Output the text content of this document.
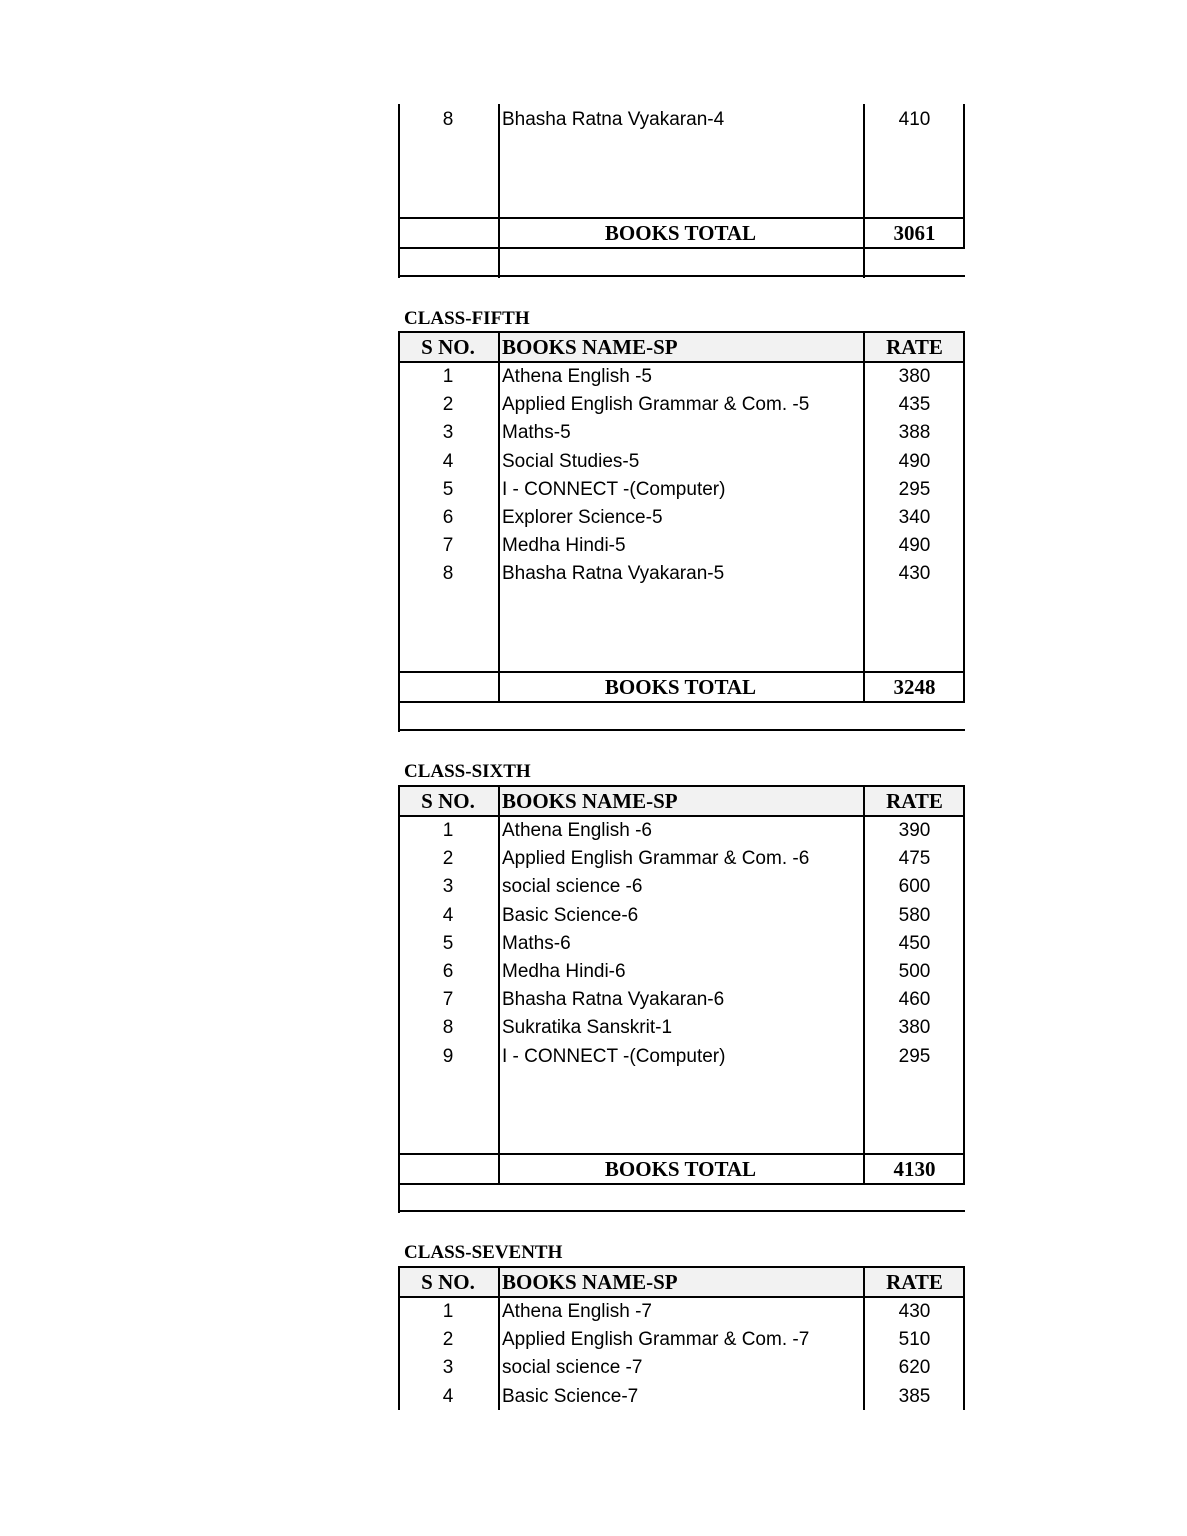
8	Bhasha Ratna Vyakaran-4	410
BOOKS TOTAL	3061
CLASS-FIFTH
S NO.	BOOKS NAME-SP	RATE
1	Athena English -5	380
2	Applied English Grammar & Com. -5	435
3	Maths-5	388
4	Social Studies-5	490
5	I - CONNECT -(Computer)	295
6	Explorer Science-5	340
7	Medha Hindi-5	490
8	Bhasha Ratna Vyakaran-5	430
BOOKS TOTAL	3248
CLASS-SIXTH
S NO.	BOOKS NAME-SP	RATE
1	Athena English -6	390
2	Applied English Grammar & Com. -6	475
3	social science -6	600
4	Basic Science-6	580
5	Maths-6	450
6	Medha Hindi-6	500
7	Bhasha Ratna Vyakaran-6	460
8	Sukratika Sanskrit-1	380
9	I - CONNECT -(Computer)	295
BOOKS TOTAL	4130
CLASS-SEVENTH
S NO.	BOOKS NAME-SP	RATE
1	Athena English -7	430
2	Applied English Grammar & Com. -7	510
3	social science -7	620
4	Basic Science-7	385
